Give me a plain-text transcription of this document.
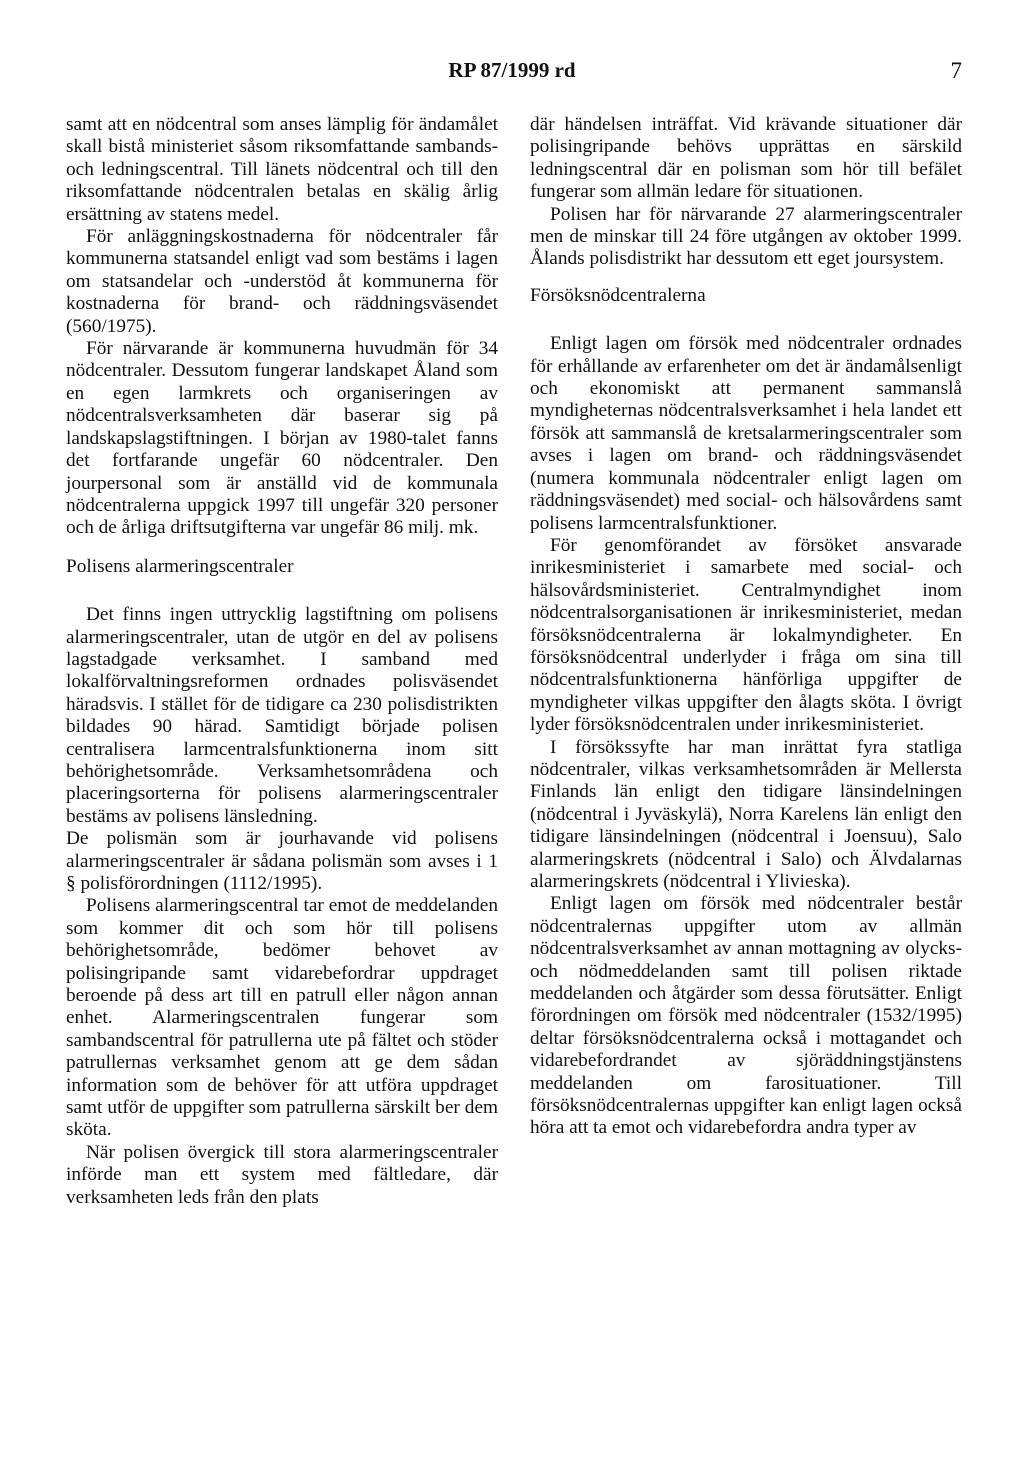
RP 87/1999 rd	7

samt att en nödcentral som anses lämplig för ändamålet skall bistå ministeriet såsom riksomfattande sambands- och ledningscentral. Till länets nödcentral och till den riksomfattande nödcentralen betalas en skälig årlig ersättning av statens medel.

För anläggningskostnaderna för nödcentraler får kommunerna statsandel enligt vad som bestäms i lagen om statsandelar och -understöd åt kommunerna för kostnaderna för brand- och räddningsväsendet (560/1975).

För närvarande är kommunerna huvudmän för 34 nödcentraler. Dessutom fungerar landskapet Åland som en egen larmkrets och organiseringen av nödcentralsverksamheten där baserar sig på landskapslagstiftningen. I början av 1980-talet fanns det fortfarande ungefär 60 nödcentraler. Den jourpersonal som är anställd vid de kommunala nödcentralerna uppgick 1997 till ungefär 320 personer och de årliga driftsutgifterna var ungefär 86 milj. mk.

Polisens alarmeringscentraler

Det finns ingen uttrycklig lagstiftning om polisens alarmeringscentraler, utan de utgör en del av polisens lagstadgade verksamhet. I samband med lokalförvaltningsreformen ordnades polisväsendet häradsvis. I stället för de tidigare ca 230 polisdistrikten bildades 90 härad. Samtidigt började polisen centralisera larmcentralsfunktionerna inom sitt behörighetsområde. Verksamhetsområdena och placeringsorterna för polisens alarmeringscentraler bestäms av polisens länsledning.

De polismän som är jourhavande vid polisens alarmeringscentraler är sådana polismän som avses i 1 § polisförordningen (1112/1995).

Polisens alarmeringscentral tar emot de meddelanden som kommer dit och som hör till polisens behörighetsområde, bedömer behovet av polisingripande samt vidarebefordrar uppdraget beroende på dess art till en patrull eller någon annan enhet. Alarmeringscentralen fungerar som sambandscentral för patrullerna ute på fältet och stöder patrullernas verksamhet genom att ge dem sådan information som de behöver för att utföra uppdraget samt utför de uppgifter som patrullerna särskilt ber dem sköta.

När polisen övergick till stora alarmeringscentraler införde man ett system med fältledare, där verksamheten leds från den plats

där händelsen inträffat. Vid krävande situationer där polisingripande behövs upprättas en särskild ledningscentral där en polisman som hör till befälet fungerar som allmän ledare för situationen.

Polisen har för närvarande 27 alarmeringscentraler men de minskar till 24 före utgången av oktober 1999. Ålands polisdistrikt har dessutom ett eget joursystem.

Försöksnödcentralerna

Enligt lagen om försök med nödcentraler ordnades för erhållande av erfarenheter om det är ändamålsenligt och ekonomiskt att permanent sammanslå myndigheternas nödcentralsverksamhet i hela landet ett försök att sammanslå de kretsalarmeringscentraler som avses i lagen om brand- och räddningsväsendet (numera kommunala nödcentraler enligt lagen om räddningsväsendet) med social- och hälsovårdens samt polisens larmcentralsfunktioner.

För genomförandet av försöket ansvarade inrikesministeriet i samarbete med social- och hälsovårdsministeriet. Centralmyndighet inom nödcentralsorganisationen är inrikesministeriet, medan försöksnödcentralerna är lokalmyndigheter. En försöksnödcentral underlyder i fråga om sina till nödcentralsfunktionerna hänförliga uppgifter de myndigheter vilkas uppgifter den ålagts sköta. I övrigt lyder försöksnödcentralen under inrikesministeriet.

I försökssyfte har man inrättat fyra statliga nödcentraler, vilkas verksamhetsområden är Mellersta Finlands län enligt den tidigare länsindelningen (nödcentral i Jyväskylä), Norra Karelens län enligt den tidigare länsindelningen (nödcentral i Joensuu), Salo alarmeringskrets (nödcentral i Salo) och Älvdalarnas alarmeringskrets (nödcentral i Ylivieska).

Enligt lagen om försök med nödcentraler består nödcentralernas uppgifter utom av allmän nödcentralsverksamhet av annan mottagning av olycks- och nödmeddelanden samt till polisen riktade meddelanden och åtgärder som dessa förutsätter. Enligt förordningen om försök med nödcentraler (1532/1995) deltar försöksnödcentralerna också i mottagandet och vidarebefordrandet av sjöräddningstjänstens meddelanden om farosituationer. Till försöksnödcentralernas uppgifter kan enligt lagen också höra att ta emot och vidarebefordra andra typer av
